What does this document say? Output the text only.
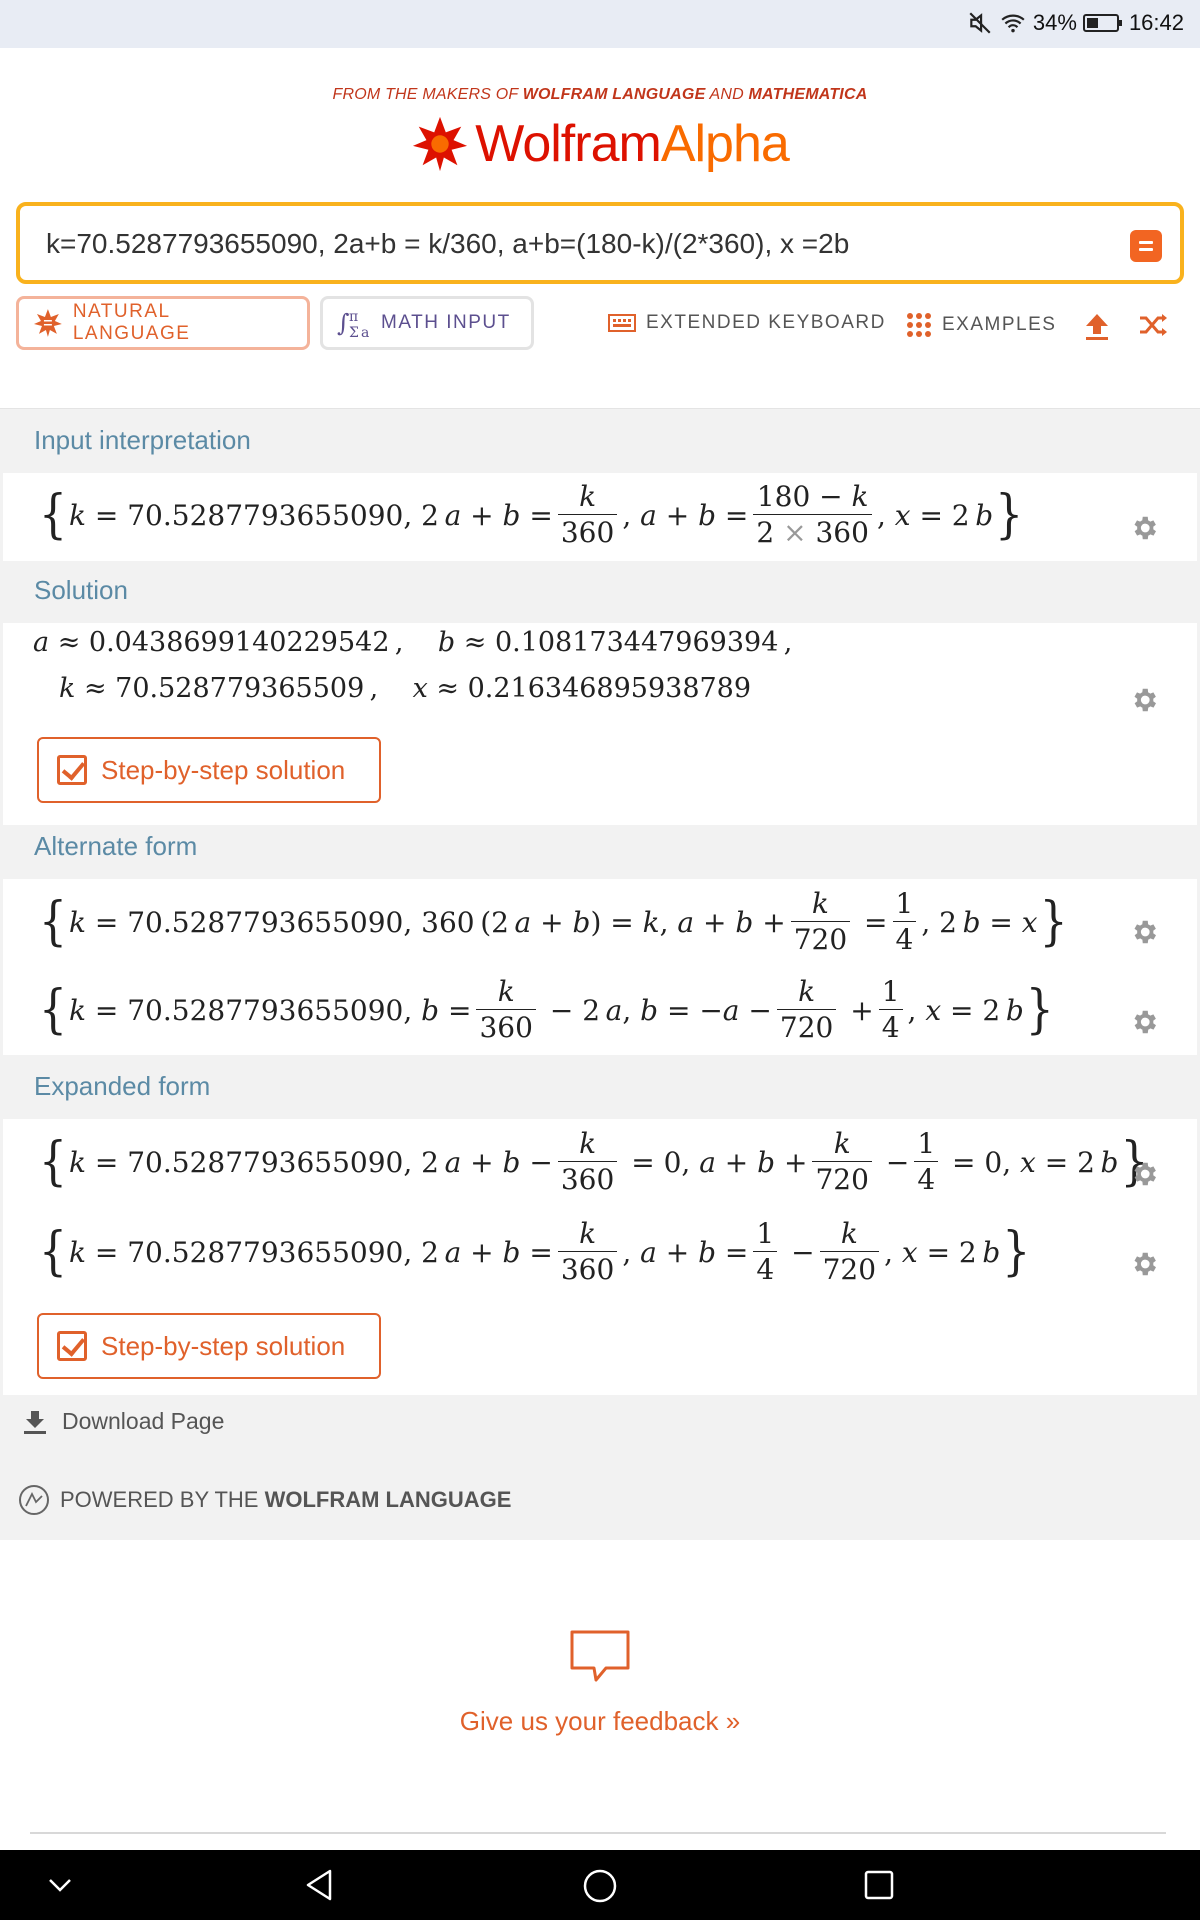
34% 16:42
FROM THE MAKERS OF WOLFRAM LANGUAGE AND MATHEMATICA
WolframAlpha
k=70.5287793655090, 2a+b = k/360, a+b=(180-k)/(2*360), x =2b
NATURAL LANGUAGE	∫
π
Σ a MATH INPUT	EXTENDED KEYBOARD	EXAMPLES
Input interpretation
{ k = 70.5287793655090 , 2  $a + b = \frac{k}{360}$ , $a + b = \frac{180 - k}{2 \times 360}$ , x = 2  b }
Solution
a ≈ 0.0438699140229542 ,    b ≈ 0.108173447969394 ,
k ≈ 70.528779365509 ,    x ≈ 0.216346895938789
Step-by-step solution
Alternate form
{ k = 70.5287793655090 , 360 (2  a + b ) = k , $a + b + \frac{k}{720} = \frac{1}{4}$ , 2  b = x }
{ k = 70.5287793655090 , $b = \frac{k}{360} - 2$  a , b = − $a - \frac{k}{720} + \frac{1}{4}$ , x = 2  b }
Expanded form
{ k = 70.5287793655090 , 2  $a + b - \frac{k}{360} = 0$, $a + b + \frac{k}{720} - \frac{1}{4} = 0$, x = 2  b }
{ k = 70.5287793655090 , 2  $a + b = \frac{k}{360}$ , $a + b = \frac{1}{4} - \frac{k}{720}$ , x = 2  b }
Step-by-step solution
Download Page
POWERED BY THE WOLFRAM LANGUAGE
Give us your feedback »
